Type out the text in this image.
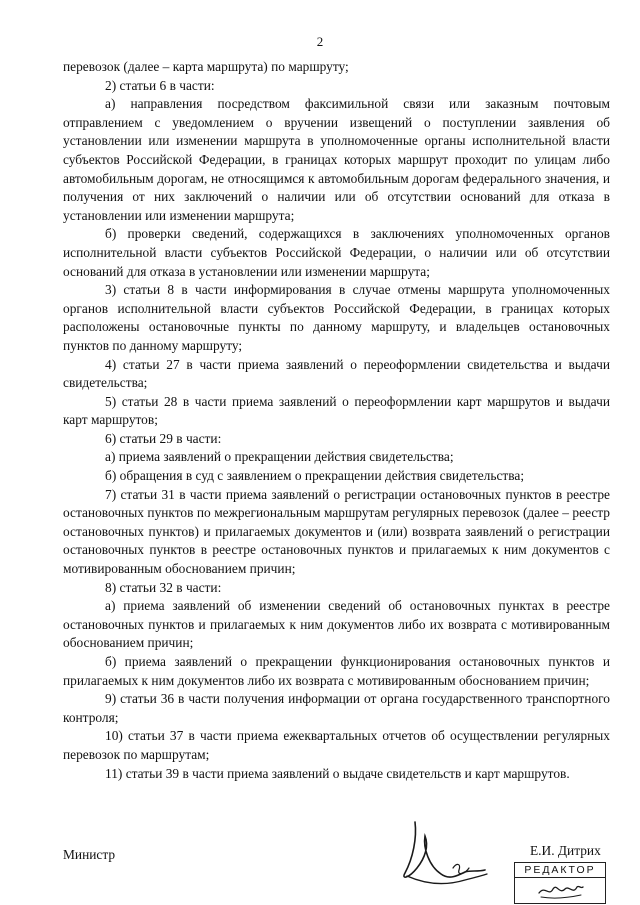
2

перевозок (далее – карта маршрута) по маршруту;

2) статьи 6 в части:

а) направления посредством факсимильной связи или заказным почтовым отправлением с уведомлением о вручении извещений о поступлении заявления об установлении или изменении маршрута в уполномоченные органы исполнительной власти субъектов Российской Федерации, в границах которых маршрут проходит по улицам либо автомобильным дорогам, не относящимся к автомобильным дорогам федерального значения, и получения от них заключений о наличии или об отсутствии оснований для отказа в установлении или изменении маршрута;

б) проверки сведений, содержащихся в заключениях уполномоченных органов исполнительной власти субъектов Российской Федерации, о наличии или об отсутствии оснований для отказа в установлении или изменении маршрута;

3) статьи 8 в части информирования в случае отмены маршрута уполномоченных органов исполнительной власти субъектов Российской Федерации, в границах которых расположены остановочные пункты по данному маршруту, и владельцев остановочных пунктов по данному маршруту;

4) статьи 27 в части приема заявлений о переоформлении свидетельства и выдачи свидетельства;

5) статьи 28 в части приема заявлений о переоформлении карт маршрутов и выдачи карт маршрутов;

6) статьи 29 в части:

а) приема заявлений о прекращении действия свидетельства;

б) обращения в суд с заявлением о прекращении действия свидетельства;

7) статьи 31 в части приема заявлений о регистрации остановочных пунктов в реестре остановочных пунктов по межрегиональным маршрутам регулярных перевозок (далее – реестр остановочных пунктов) и прилагаемых документов и (или) возврата заявлений о регистрации остановочных пунктов в реестре остановочных пунктов и прилагаемых к ним документов с мотивированным обоснованием причин;

8) статьи 32 в части:

а) приема заявлений об изменении сведений об остановочных пунктах в реестре остановочных пунктов и прилагаемых к ним документов либо их возврата с мотивированным обоснованием причин;

б) приема заявлений о прекращении функционирования остановочных пунктов и прилагаемых к ним документов либо их возврата с мотивированным обоснованием причин;

9) статьи 36 в части получения информации от органа государственного транспортного контроля;

10) статьи 37 в части приема ежеквартальных отчетов об осуществлении регулярных перевозок по маршрутам;

11) статьи 39 в части приема заявлений о выдаче свидетельств и карт маршрутов.

Министр	Е.И. Дитрих
РЕДАКТОР
